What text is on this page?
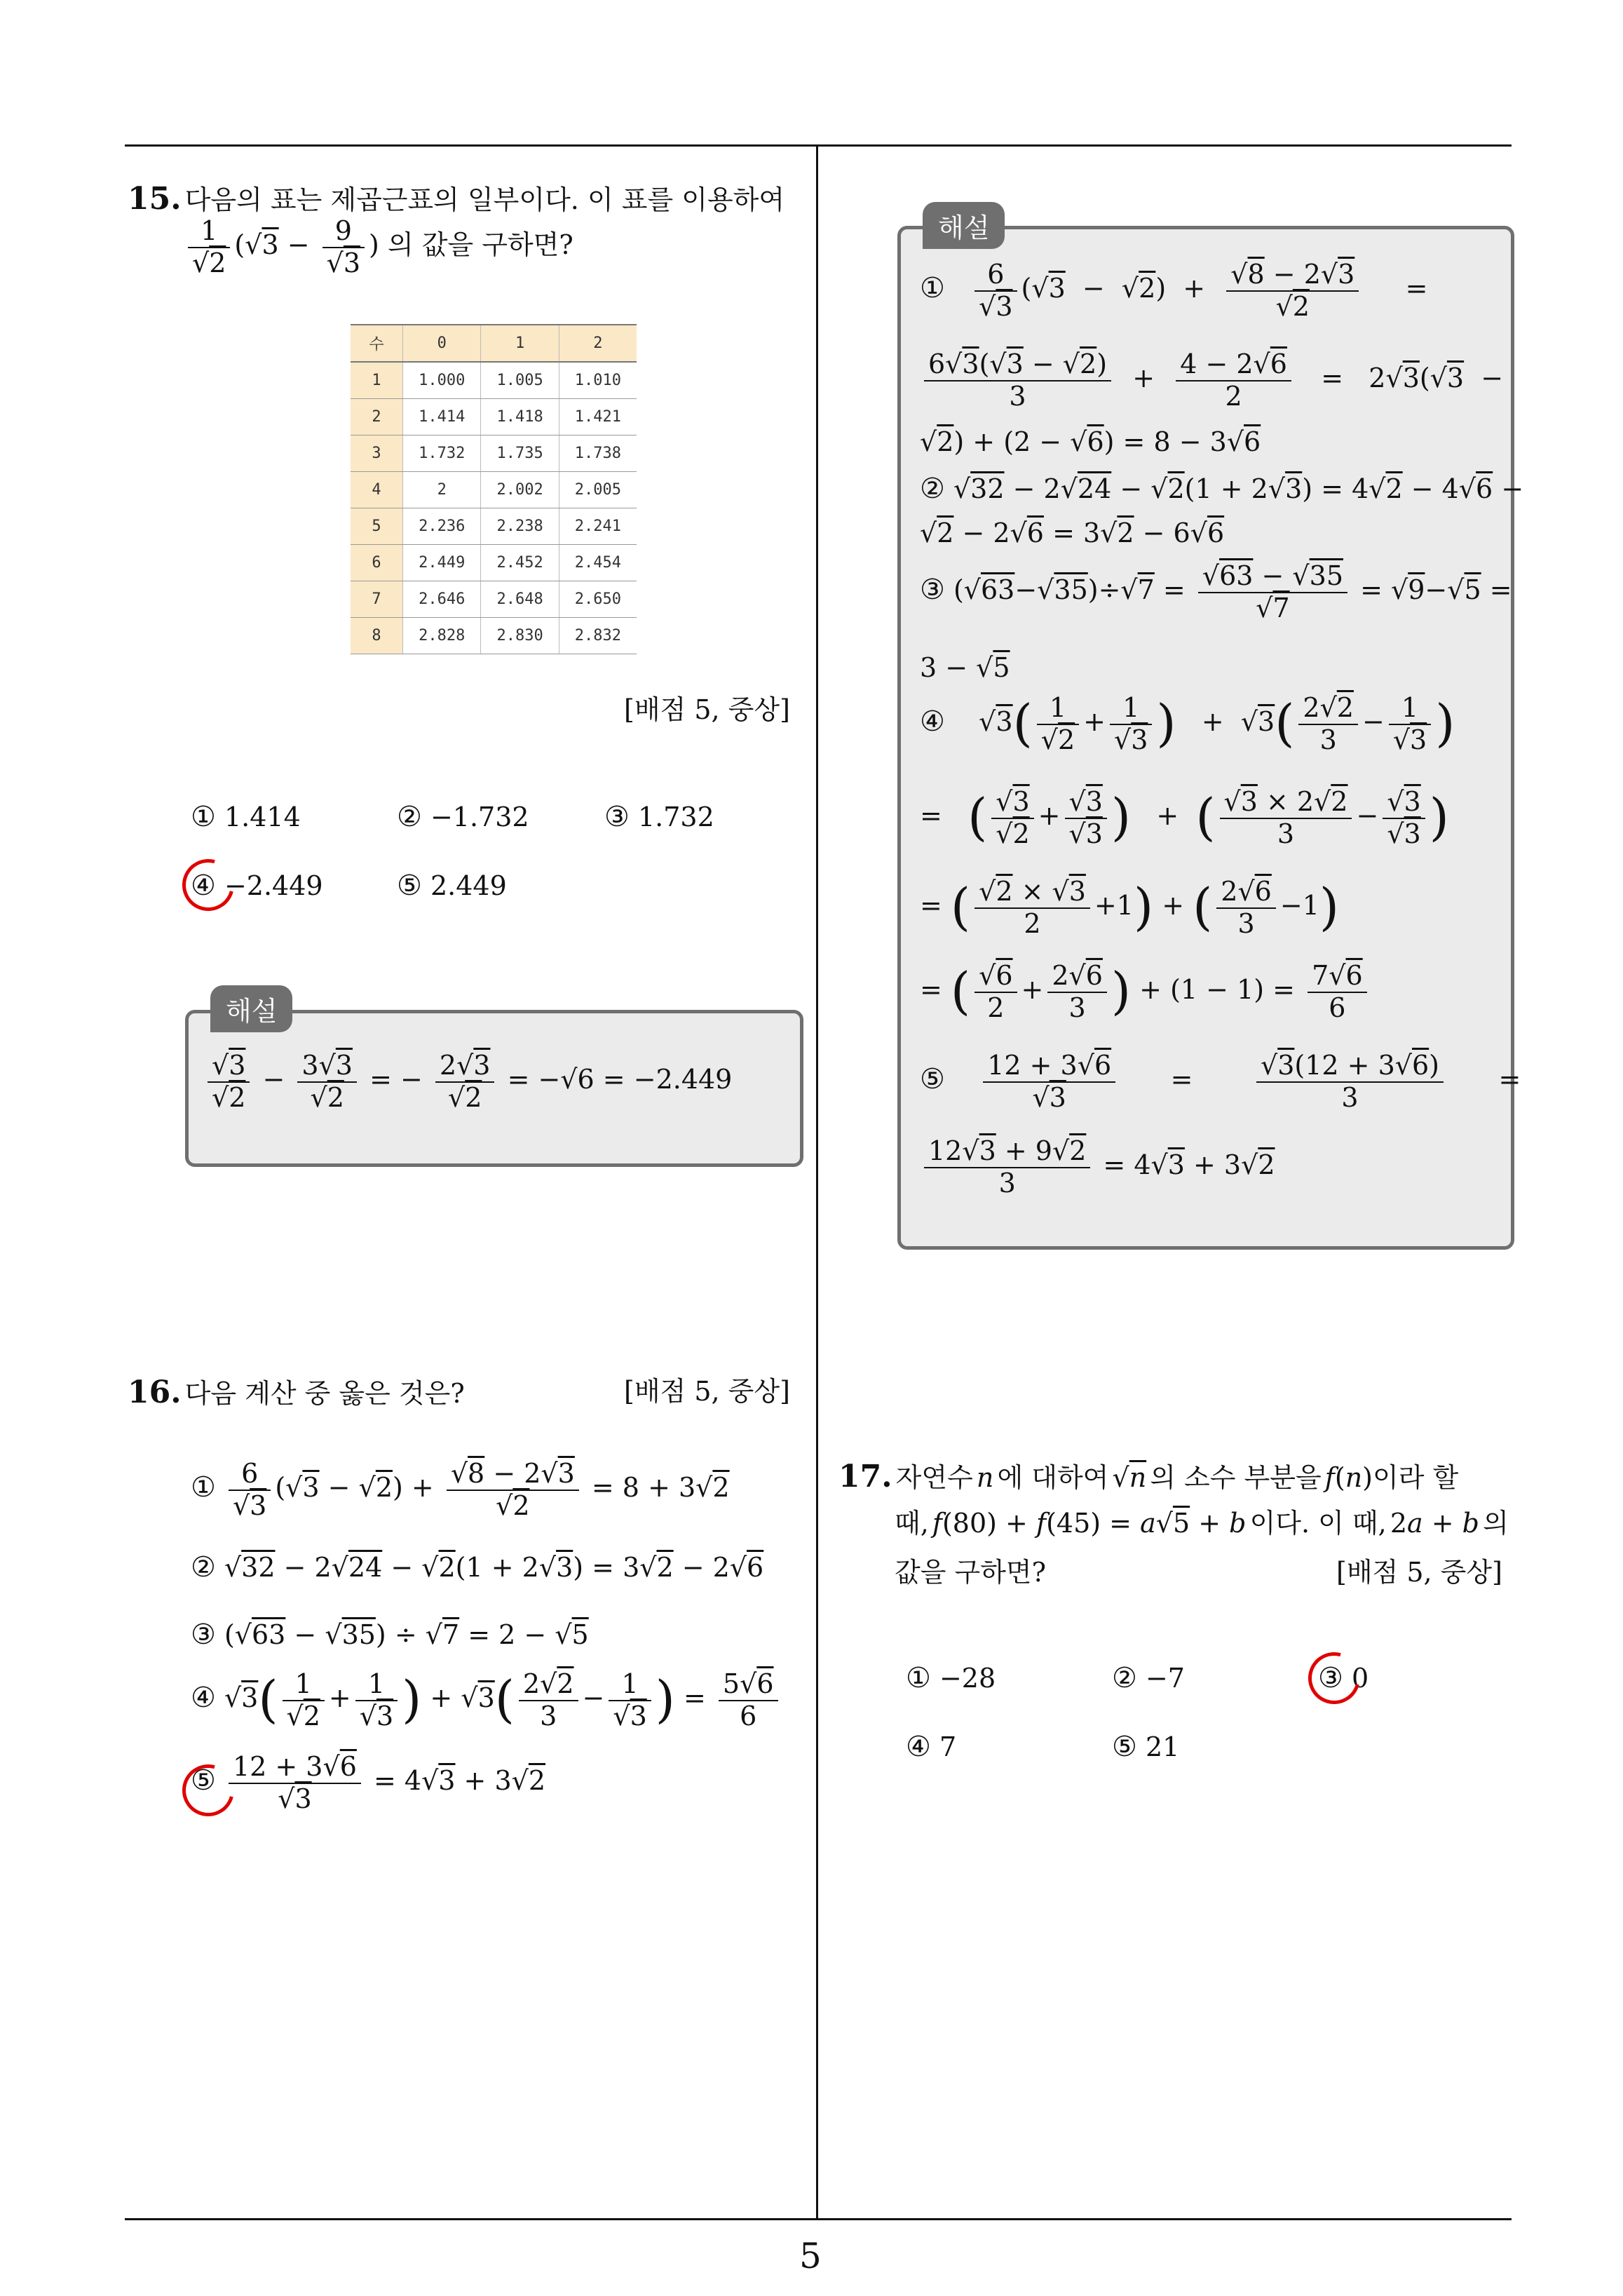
5
15. 다음의 표는 제곱근표의 일부이다. 이 표를 이용하여
$\frac{1}{√2} (√3 - \frac{9}{√3}$ ) 의 값을 구하면?
수	0	1	2
1	1.000	1.005	1.010
2	1.414	1.418	1.421
3	1.732	1.735	1.738
4	2	2.002	2.005
5	2.236	2.238	2.241
6	2.449	2.452	2.454
7	2.646	2.648	2.650
8	2.828	2.830	2.832
[배점 5, 중상]
① 1.414	② −1.732	③ 1.732
④ −2.449	⑤ 2.449
해설
$\frac{√3}{√2} - \frac{3√3}{√2}$ = − $\frac{2√3}{√2} = -√6 = -2.449$
16. 다음 계산 중 옳은 것은?	[배점 5, 중상]
① $\frac{6}{√3} (√3 - √2) + \frac{√8 - 2√3}{√2} = 8 + 3√2$
② √32 − 2√24 − √2(1 + 2√3) = 3√2 − 2√6
③ (√63 − √35) ÷ √7 = 2 − √5
④ $√3( \frac{1}{√2} + \frac{1}{√3}$ ) + $√3( \frac{2√2}{3} - \frac{1}{√3}$ ) = $\frac{5√6}{6}$
⑤ $\frac{12 + 3√6}{√3} = 4√3 + 3√2$
해설
① $\frac{6}{√3} (√3 - √2) + \frac{√8 - 2√3}{√2}$ =
$\frac{6√3(√3 - √2)}{3} + \frac{4 - 2√6}{2} = 2√3(√3$  −
√2) + (2 − √6) = 8 − 3√6
② √32 − 2√24 − √2(1 + 2√3) = 4√2 − 4√6 −
√2 − 2√6 = 3√2 − 6√6
③ $(√63-√35)\div√7 = \frac{√63 - √35}{√7} = √9-√5$ =
3 − √5
④    $√3( \frac{1}{√2} + \frac{1}{√3}$ )   +  $√3( \frac{2√2}{3} - \frac{1}{√3}$ )
=   ( $\frac{√3}{√2} + \frac{√3}{√3}$ )   +  ( $\frac{√3 \times 2√2}{3} - \frac{√3}{√3}$ )
= ( $\frac{√2 \times √3}{2} +1$) + ( $\frac{2√6}{3} -1$)
= ( $\frac{√6}{2} + \frac{2√6}{3}$ ) + $(1 - 1) = \frac{7√6}{6}$
⑤ $\frac{12 + 3√6}{√3} = \frac{√3(12 + 3√6)}{3}$ =
$\frac{12√3 + 9√2}{3} = 4√3 + 3√2$
17. 자연수 n 에 대하여 √n 의 소수 부분을 f(n)이라 할
때, f(80) + f(45) = a√5 + b 이다. 이 때, 2a + b 의
값을 구하면?	[배점 5, 중상]
① −28	② −7	③ 0
④ 7	⑤ 21
